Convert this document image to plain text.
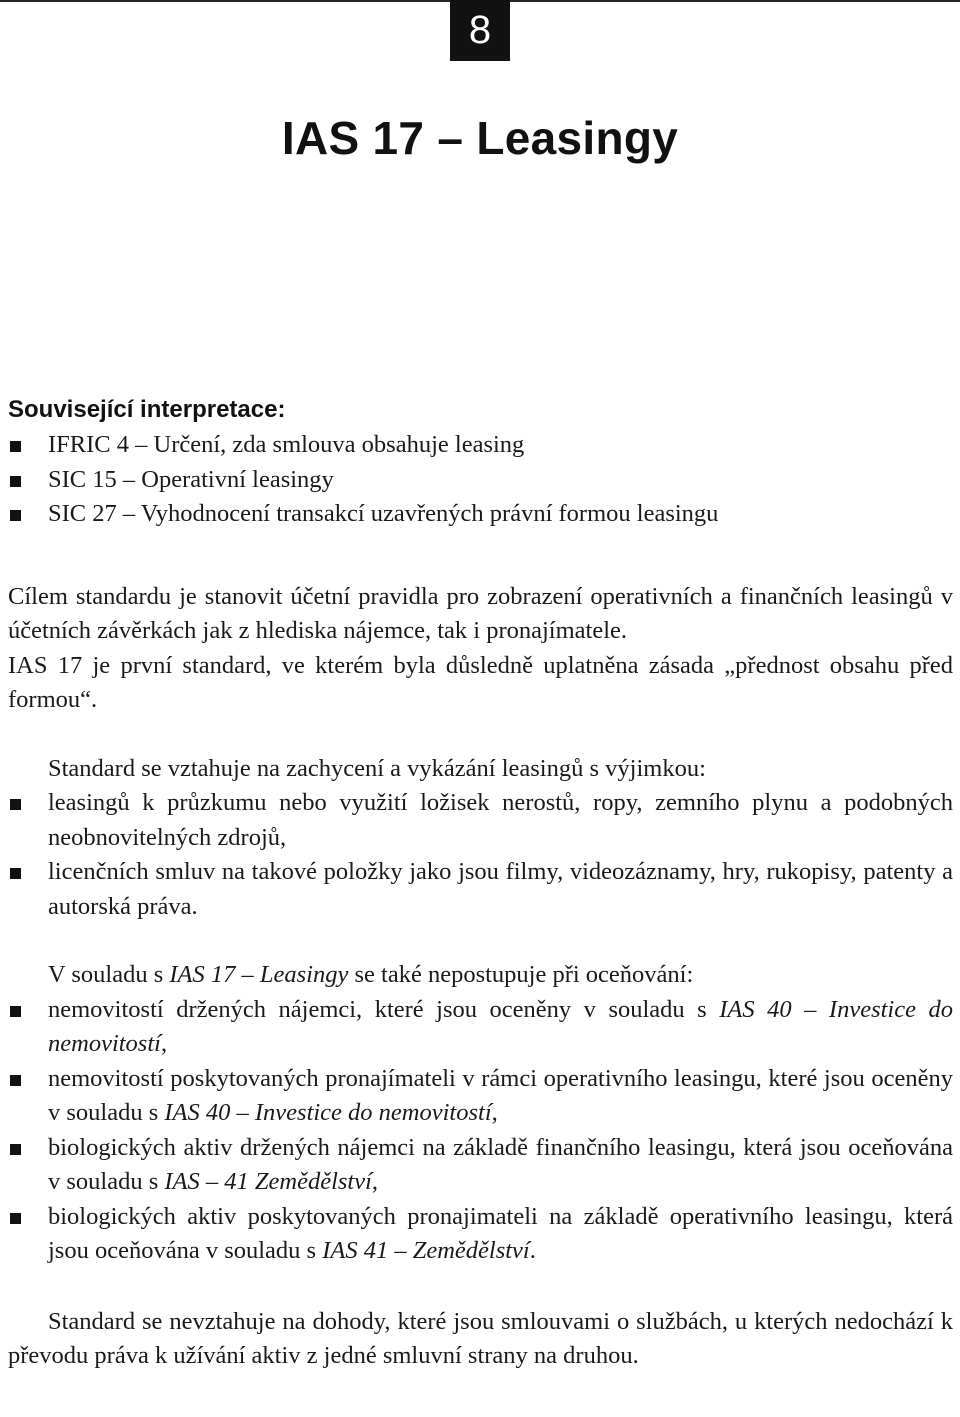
8
IAS 17 – Leasingy
Související interpretace:
IFRIC 4 – Určení, zda smlouva obsahuje leasing
SIC 15 – Operativní leasingy
SIC 27 – Vyhodnocení transakcí uzavřených právní formou leasingu

Cílem standardu je stanovit účetní pravidla pro zobrazení operativních a finančních leasingů v účetních závěrkách jak z hlediska nájemce, tak i pronajímatele.

IAS 17 je první standard, ve kterém byla důsledně uplatněna zásada „přednost obsahu před formou“.

Standard se vztahuje na zachycení a vykázání leasingů s výjimkou:

leasingů k průzkumu nebo využití ložisek nerostů, ropy, zemního plynu a podobných neobnovitelných zdrojů,
licenčních smluv na takové položky jako jsou filmy, videozáznamy, hry, rukopisy, patenty a autorská práva.

V souladu s IAS 17 – Leasingy se také nepostupuje při oceňování:

nemovitostí držených nájemci, které jsou oceněny v souladu s IAS 40 – Investice do nemovitostí,
nemovitostí poskytovaných pronajímateli v rámci operativního leasingu, které jsou oceněny v souladu s IAS 40 – Investice do nemovitostí,
biologických aktiv držených nájemci na základě finančního leasingu, která jsou oceňována v souladu s IAS – 41 Zemědělství,
biologických aktiv poskytovaných pronajimateli na základě operativního leasingu, která jsou oceňována v souladu s IAS 41 – Zemědělství.

Standard se nevztahuje na dohody, které jsou smlouvami o službách, u kterých nedochází k převodu práva k užívání aktiv z jedné smluvní strany na druhou.
